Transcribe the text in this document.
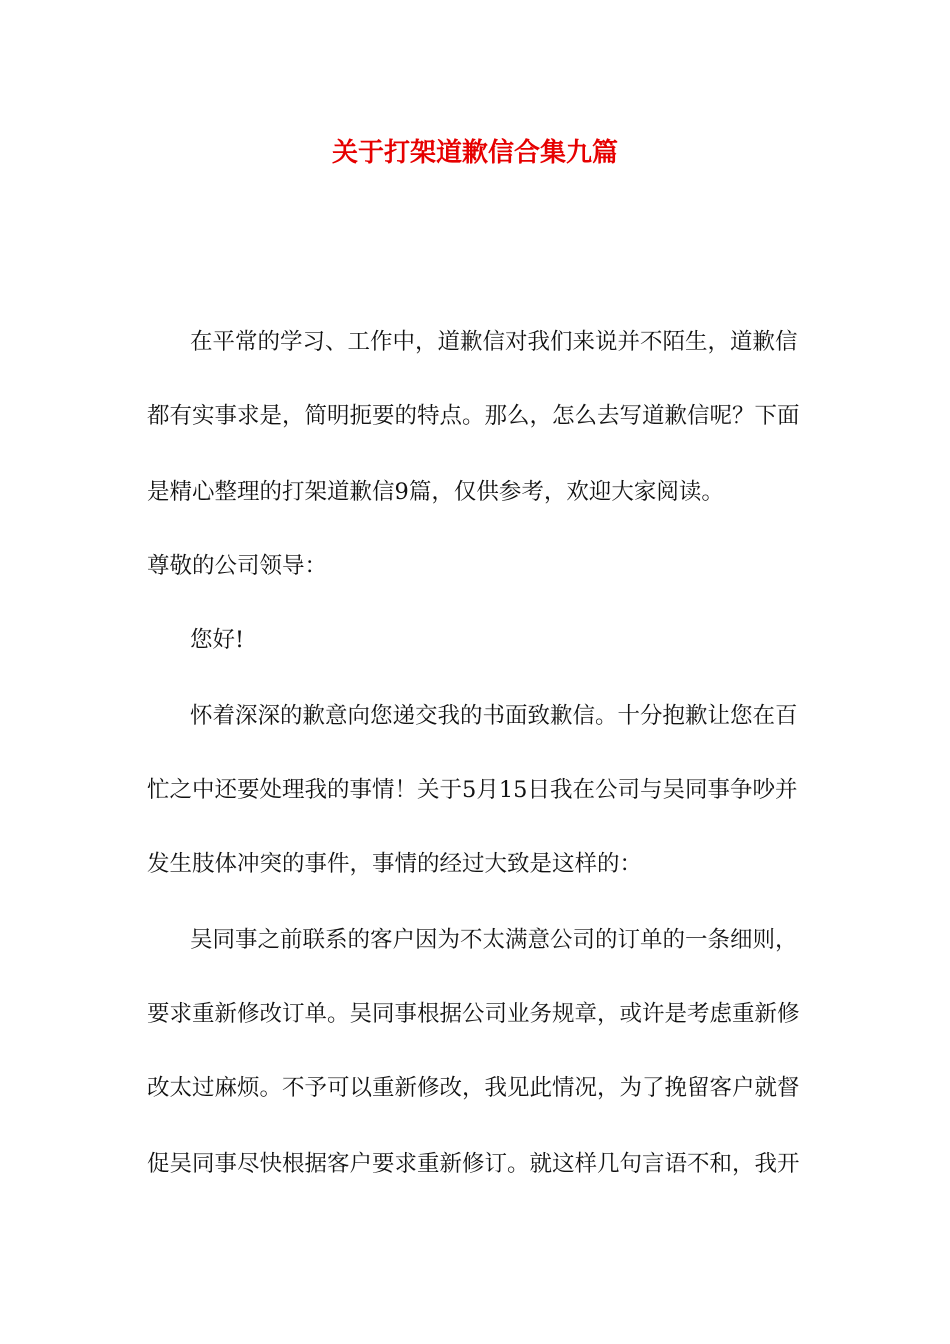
关于打架道歉信合集九篇

在平常的学习、工作中，道歉信对我们来说并不陌生，道歉信

都有实事求是，简明扼要的特点。那么，怎么去写道歉信呢？下面

是精心整理的打架道歉信9篇，仅供参考，欢迎大家阅读。

尊敬的公司领导：

您好!

怀着深深的歉意向您递交我的书面致歉信。十分抱歉让您在百

忙之中还要处理我的事情！关于5月15日我在公司与吴同事争吵并

发生肢体冲突的事件，事情的经过大致是这样的：

吴同事之前联系的客户因为不太满意公司的订单的一条细则，

要求重新修改订单。吴同事根据公司业务规章，或许是考虑重新修

改太过麻烦。不予可以重新修改，我见此情况，为了挽留客户就督

促吴同事尽快根据客户要求重新修订。就这样几句言语不和，我开
